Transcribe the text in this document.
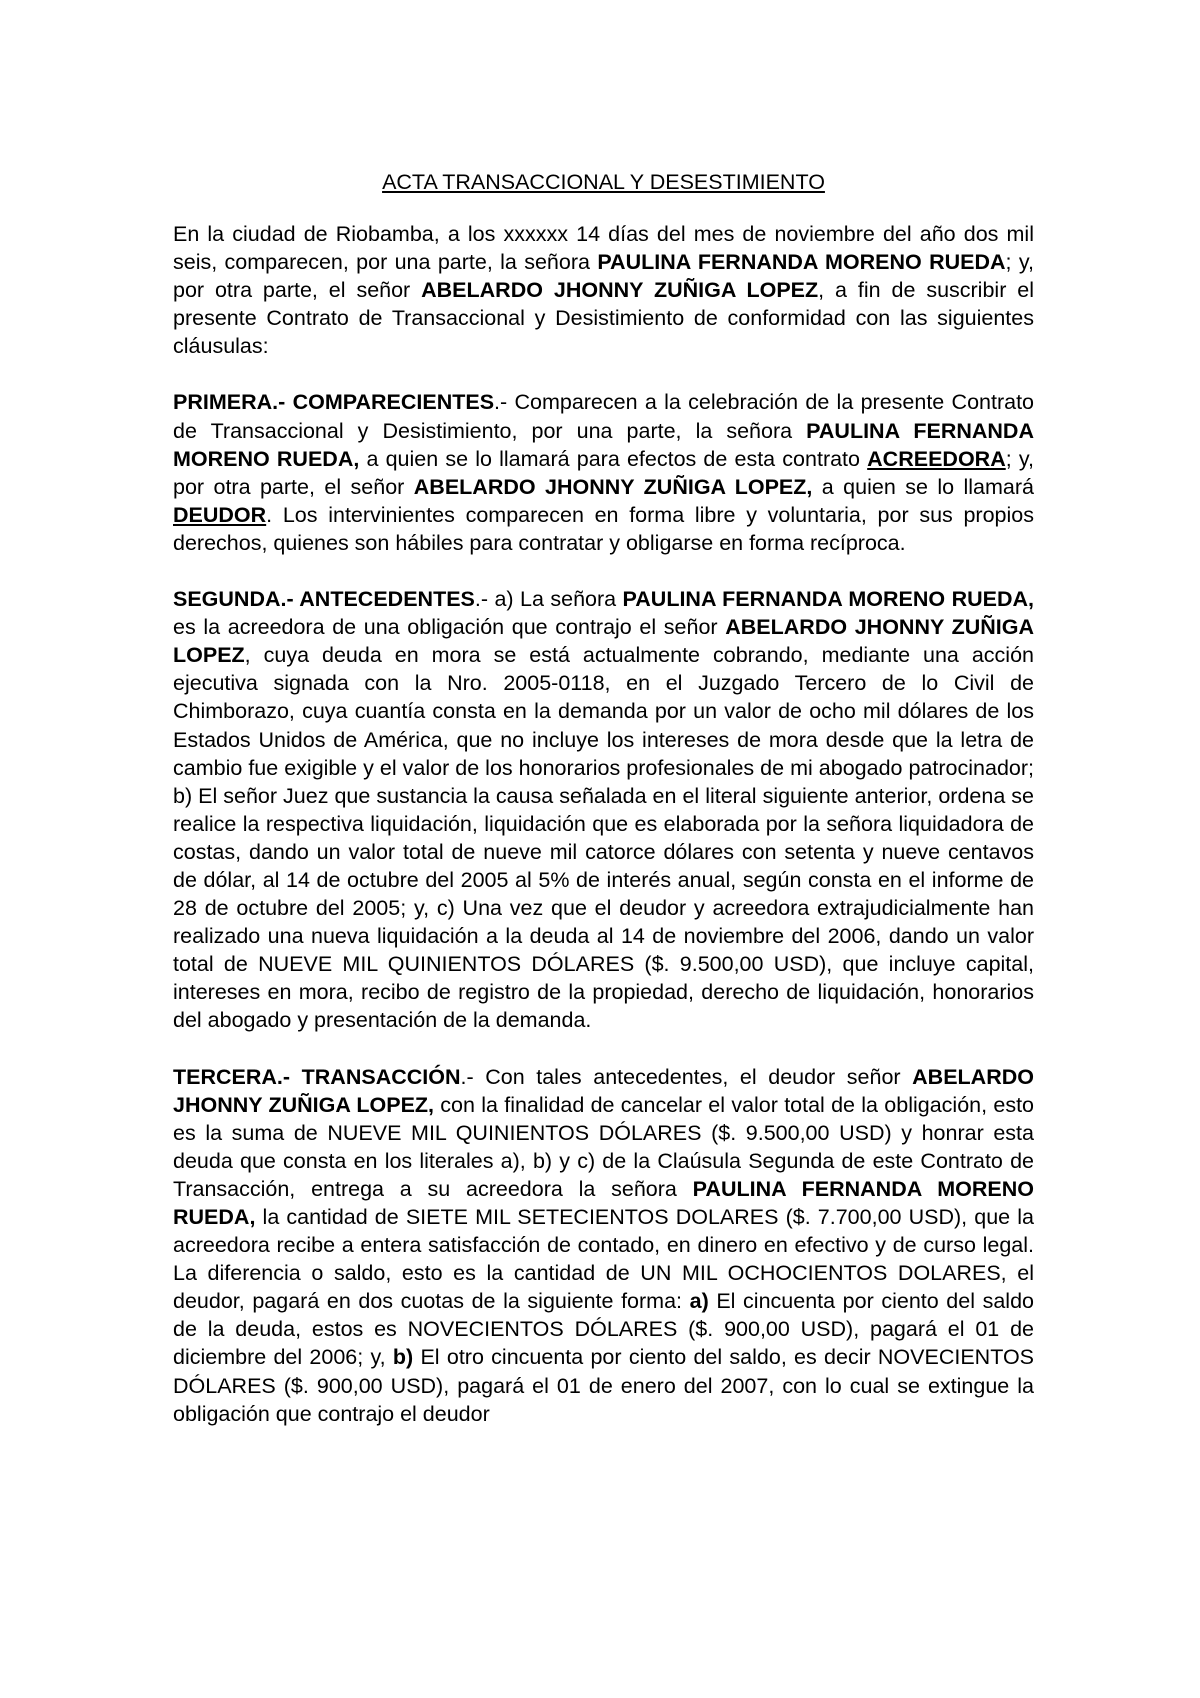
ACTA TRANSACCIONAL Y DESESTIMIENTO

En la ciudad de Riobamba, a los xxxxxx 14 días del mes de noviembre del año dos mil seis, comparecen, por una parte, la señora PAULINA FERNANDA MORENO RUEDA; y, por otra parte, el señor ABELARDO JHONNY ZUÑIGA LOPEZ, a fin de suscribir el presente Contrato de Transaccional y Desistimiento de conformidad con las siguientes cláusulas:

PRIMERA.- COMPARECIENTES.- Comparecen a la celebración de la presente Contrato de Transaccional y Desistimiento, por una parte, la señora PAULINA FERNANDA MORENO RUEDA, a quien se lo llamará para efectos de esta contrato ACREEDORA; y, por otra parte, el señor ABELARDO JHONNY ZUÑIGA LOPEZ, a quien se lo llamará DEUDOR. Los intervinientes comparecen en forma libre y voluntaria, por sus propios derechos, quienes son hábiles para contratar y obligarse en forma recíproca.

SEGUNDA.- ANTECEDENTES.- a) La señora PAULINA FERNANDA MORENO RUEDA, es la acreedora de una obligación que contrajo el señor ABELARDO JHONNY ZUÑIGA LOPEZ, cuya deuda en mora se está actualmente cobrando, mediante una acción ejecutiva signada con la Nro. 2005-0118, en el Juzgado Tercero de lo Civil de Chimborazo, cuya cuantía consta en la demanda por un valor de ocho mil dólares de los Estados Unidos de América, que no incluye los intereses de mora desde que la letra de cambio fue exigible y el valor de los honorarios profesionales de mi abogado patrocinador; b) El señor Juez que sustancia la causa señalada en el literal siguiente anterior, ordena se realice la respectiva liquidación, liquidación que es elaborada por la señora liquidadora de costas, dando un valor total de nueve mil catorce dólares con setenta y nueve centavos de dólar, al 14 de octubre del 2005 al 5% de interés anual, según consta en el informe de 28 de octubre del 2005; y, c) Una vez que el deudor y acreedora extrajudicialmente han realizado una nueva liquidación a la deuda al 14 de noviembre del 2006, dando un valor total de NUEVE MIL QUINIENTOS DÓLARES ($. 9.500,00 USD), que incluye capital, intereses en mora, recibo de registro de la propiedad, derecho de liquidación, honorarios del abogado y presentación de la demanda.

TERCERA.- TRANSACCIÓN.- Con tales antecedentes, el deudor señor ABELARDO JHONNY ZUÑIGA LOPEZ, con la finalidad de cancelar el valor total de la obligación, esto es la suma de NUEVE MIL QUINIENTOS DÓLARES ($. 9.500,00 USD) y honrar esta deuda que consta en los literales a), b) y c) de la Claúsula Segunda de este Contrato de Transacción, entrega a su acreedora la señora PAULINA FERNANDA MORENO RUEDA, la cantidad de SIETE MIL SETECIENTOS DOLARES ($. 7.700,00 USD), que la acreedora recibe a entera satisfacción de contado, en dinero en efectivo y de curso legal. La diferencia o saldo, esto es la cantidad de UN MIL OCHOCIENTOS DOLARES, el deudor, pagará en dos cuotas de la siguiente forma: a) El cincuenta por ciento del saldo de la deuda, estos es NOVECIENTOS DÓLARES ($. 900,00 USD), pagará el 01 de diciembre del 2006; y, b) El otro cincuenta por ciento del saldo, es decir NOVECIENTOS DÓLARES ($. 900,00 USD), pagará el 01 de enero del 2007, con lo cual se extingue la obligación que contrajo el deudor
